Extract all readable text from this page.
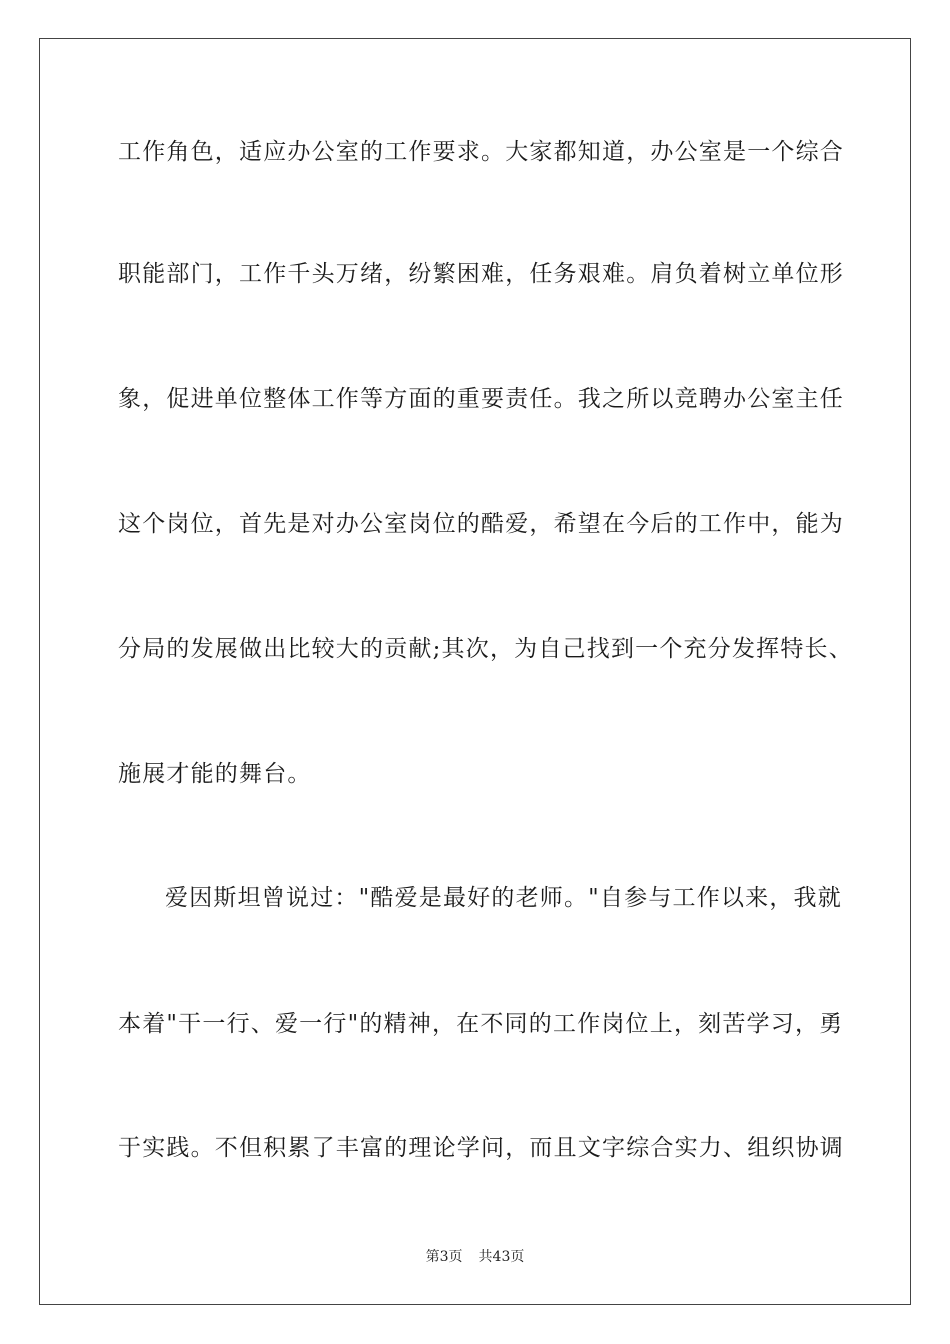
工作角色，适应办公室的工作要求。大家都知道，办公室是一个综合
职能部门，工作千头万绪，纷繁困难，任务艰难。肩负着树立单位形
象，促进单位整体工作等方面的重要责任。我之所以竞聘办公室主任
这个岗位，首先是对办公室岗位的酷爱，希望在今后的工作中，能为
分局的发展做出比较大的贡献;其次，为自己找到一个充分发挥特长、
施展才能的舞台。
爱因斯坦曾说过："酷爱是最好的老师。"自参与工作以来，我就
本着"干一行、爱一行"的精神，在不同的工作岗位上，刻苦学习，勇
于实践。不但积累了丰富的理论学问，而且文字综合实力、组织协调
第3页 共43页
